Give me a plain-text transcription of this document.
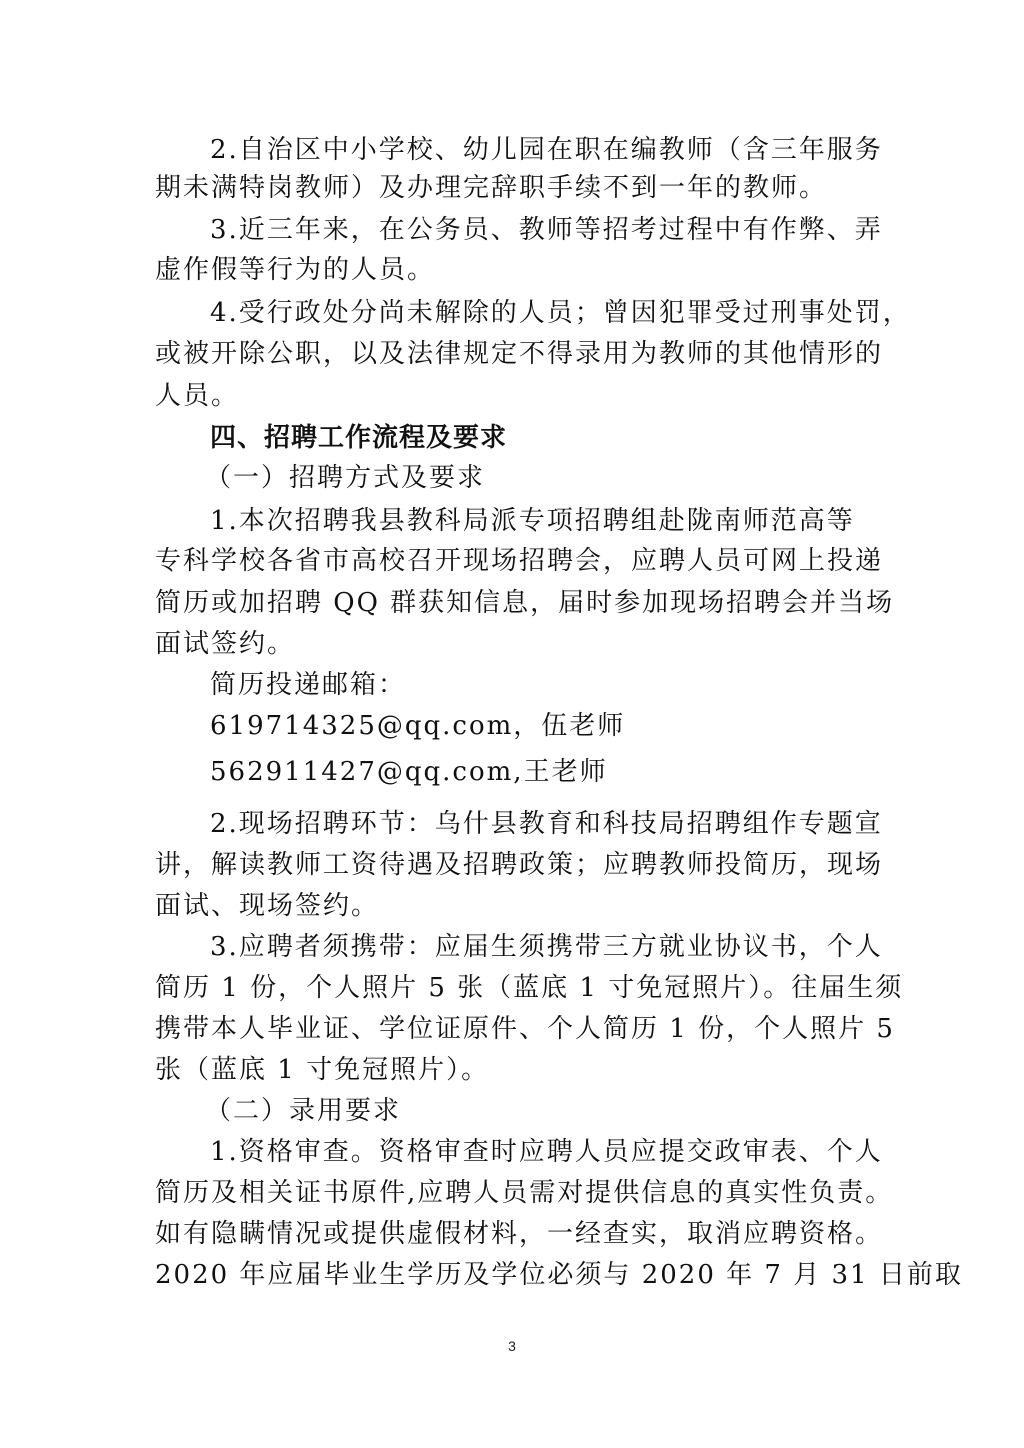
2.自治区中小学校、幼儿园在职在编教师（含三年服务
期未满特岗教师）及办理完辞职手续不到一年的教师。
3.近三年来，在公务员、教师等招考过程中有作弊、弄
虚作假等行为的人员。
4.受行政处分尚未解除的人员；曾因犯罪受过刑事处罚，
或被开除公职，以及法律规定不得录用为教师的其他情形的
人员。
四、招聘工作流程及要求
（一）招聘方式及要求
1.本次招聘我县教科局派专项招聘组赴陇南师范高等
专科学校各省市高校召开现场招聘会，应聘人员可网上投递
简历或加招聘 QQ 群获知信息，届时参加现场招聘会并当场
面试签约。
简历投递邮箱：
619714325@qq.com，伍老师
562911427@qq.com,王老师
2.现场招聘环节：乌什县教育和科技局招聘组作专题宣
讲，解读教师工资待遇及招聘政策；应聘教师投简历，现场
面试、现场签约。
3.应聘者须携带：应届生须携带三方就业协议书，个人
简历 1 份，个人照片 5 张（蓝底 1 寸免冠照片）。往届生须
携带本人毕业证、学位证原件、个人简历 1 份，个人照片 5
张（蓝底 1 寸免冠照片）。
（二）录用要求
1.资格审查。资格审查时应聘人员应提交政审表、个人
简历及相关证书原件,应聘人员需对提供信息的真实性负责。
如有隐瞒情况或提供虚假材料，一经查实，取消应聘资格。
2020 年应届毕业生学历及学位必须与 2020 年 7 月 31 日前取
3
